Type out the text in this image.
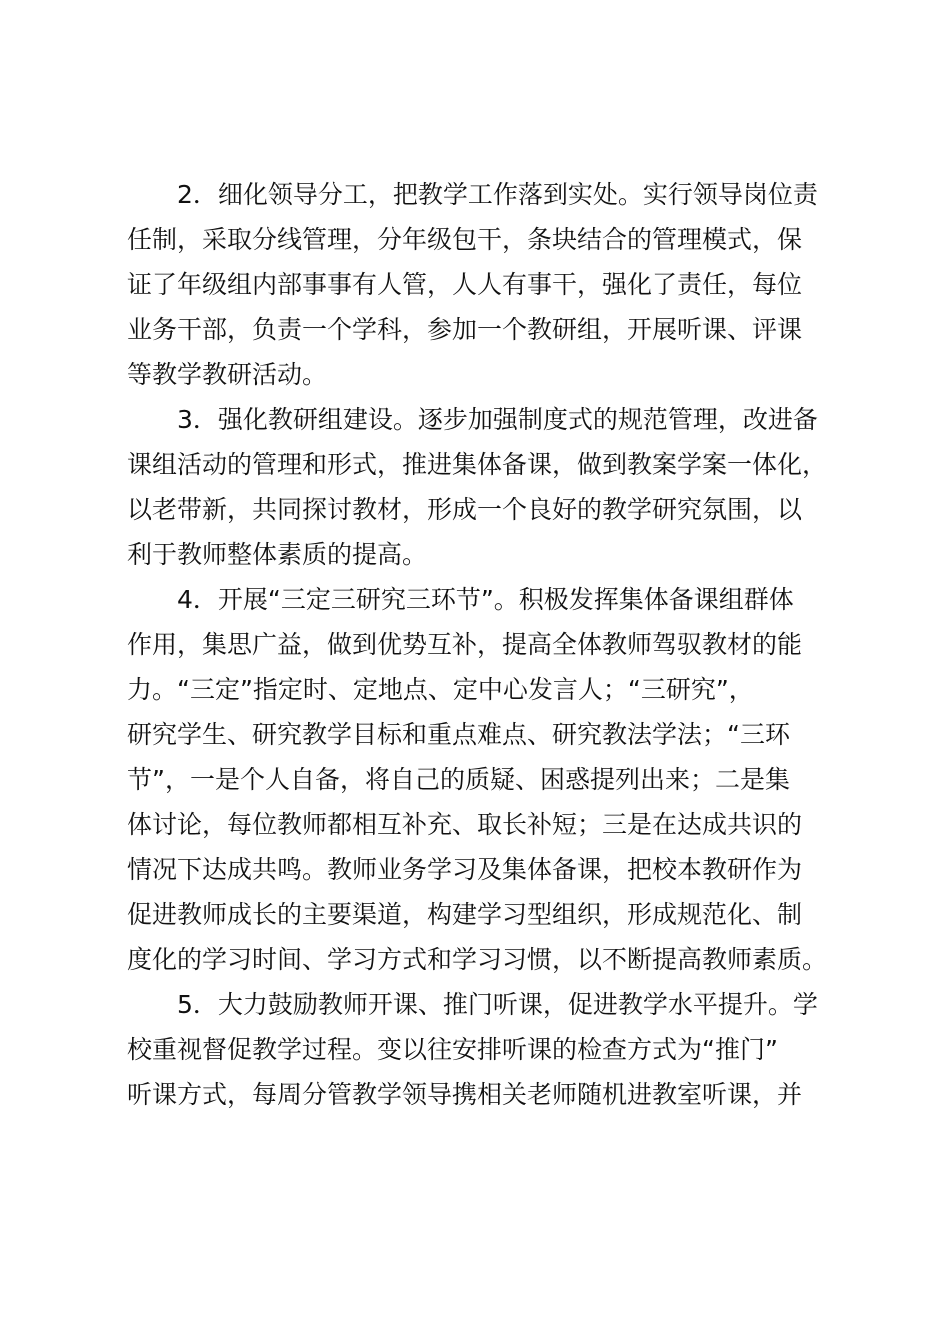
2．细化领导分工，把教学工作落到实处。实行领导岗位责
任制，采取分线管理，分年级包干，条块结合的管理模式，保
证了年级组内部事事有人管，人人有事干，强化了责任，每位
业务干部，负责一个学科，参加一个教研组，开展听课、评课
等教学教研活动。
3．强化教研组建设。逐步加强制度式的规范管理，改进备
课组活动的管理和形式，推进集体备课，做到教案学案一体化，
以老带新，共同探讨教材，形成一个良好的教学研究氛围，以
利于教师整体素质的提高。
4．开展“三定三研究三环节”。积极发挥集体备课组群体
作用，集思广益，做到优势互补，提高全体教师驾驭教材的能
力。“三定”指定时、定地点、定中心发言人；“三研究”，
研究学生、研究教学目标和重点难点、研究教法学法；“三环
节”，一是个人自备，将自己的质疑、困惑提列出来；二是集
体讨论，每位教师都相互补充、取长补短；三是在达成共识的
情况下达成共鸣。教师业务学习及集体备课，把校本教研作为
促进教师成长的主要渠道，构建学习型组织，形成规范化、制
度化的学习时间、学习方式和学习习惯，以不断提高教师素质。
5．大力鼓励教师开课、推门听课，促进教学水平提升。学
校重视督促教学过程。变以往安排听课的检查方式为“推门”
听课方式，每周分管教学领导携相关老师随机进教室听课，并
